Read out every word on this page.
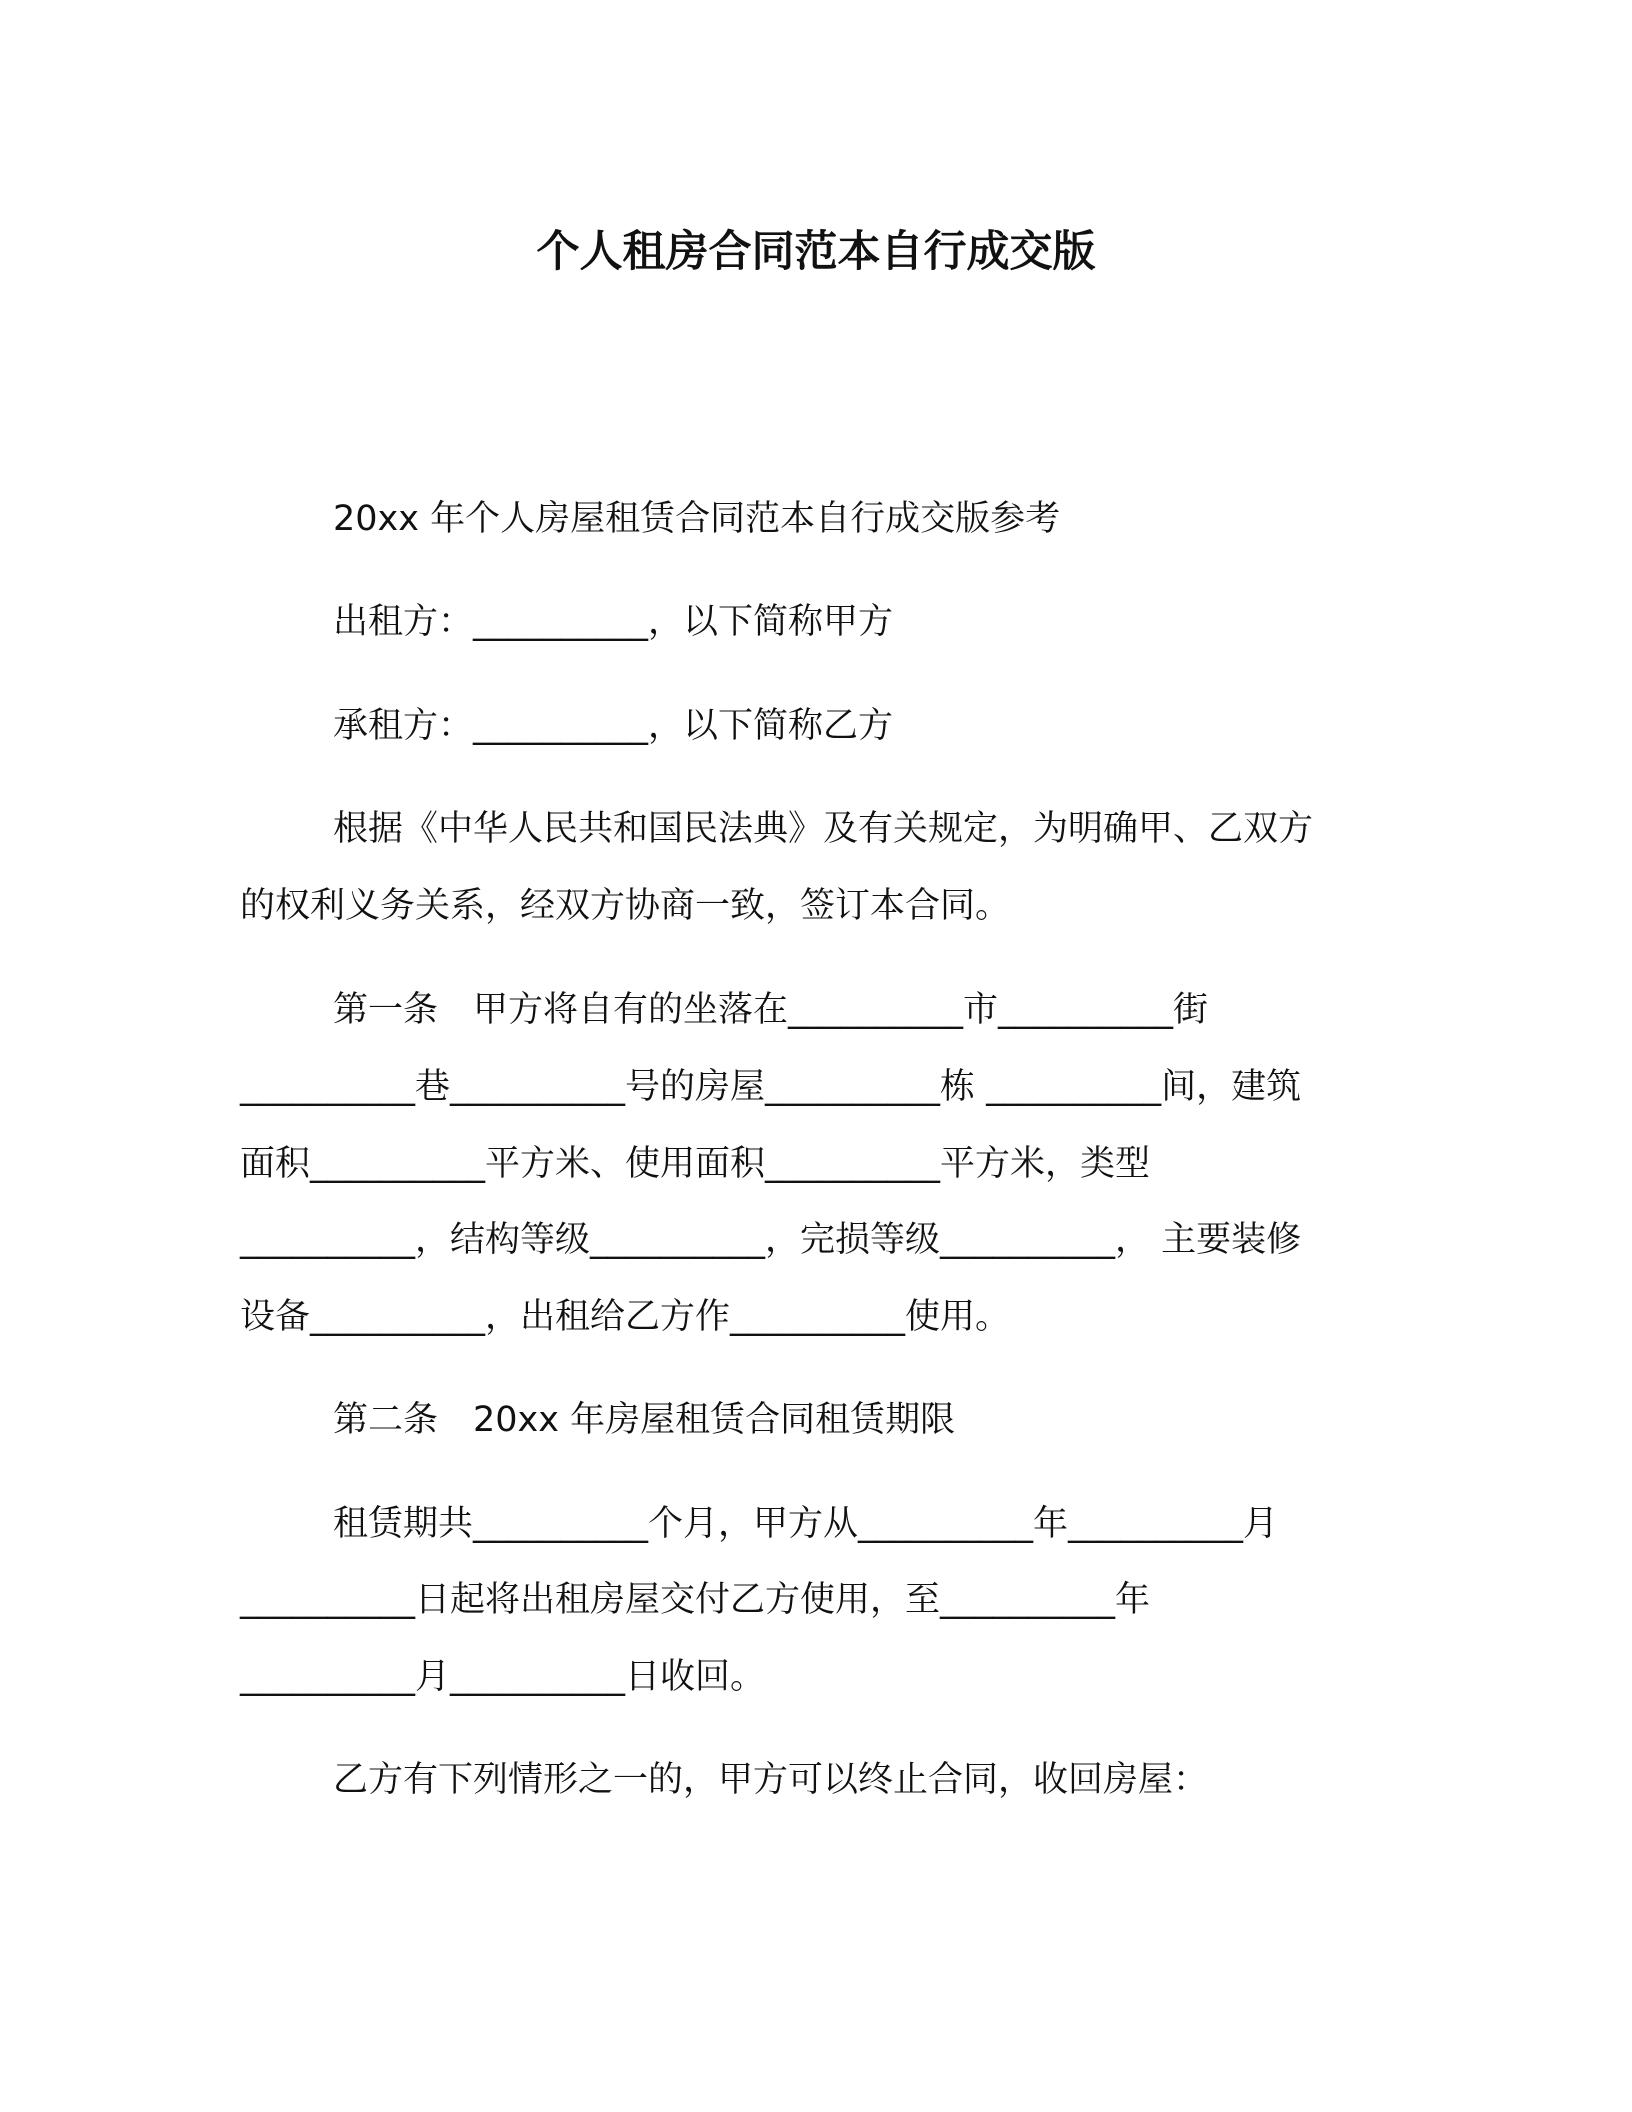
个人租房合同范本自行成交版
20xx 年个人房屋租赁合同范本自行成交版参考
出租方：__________，以下简称甲方
承租方：__________，以下简称乙方
根据《中华人民共和国民法典》及有关规定，为明确甲、乙双方
的权利义务关系，经双方协商一致，签订本合同。
第一条　甲方将自有的坐落在__________市__________街
__________巷__________号的房屋__________栋 __________间，建筑
面积__________平方米、使用面积__________平方米，类型
__________，结构等级__________，完损等级__________， 主要装修
设备__________，出租给乙方作__________使用。
第二条　20xx 年房屋租赁合同租赁期限
租赁期共__________个月，甲方从__________年__________月
__________日起将出租房屋交付乙方使用，至__________年
__________月__________日收回。
乙方有下列情形之一的，甲方可以终止合同，收回房屋：
